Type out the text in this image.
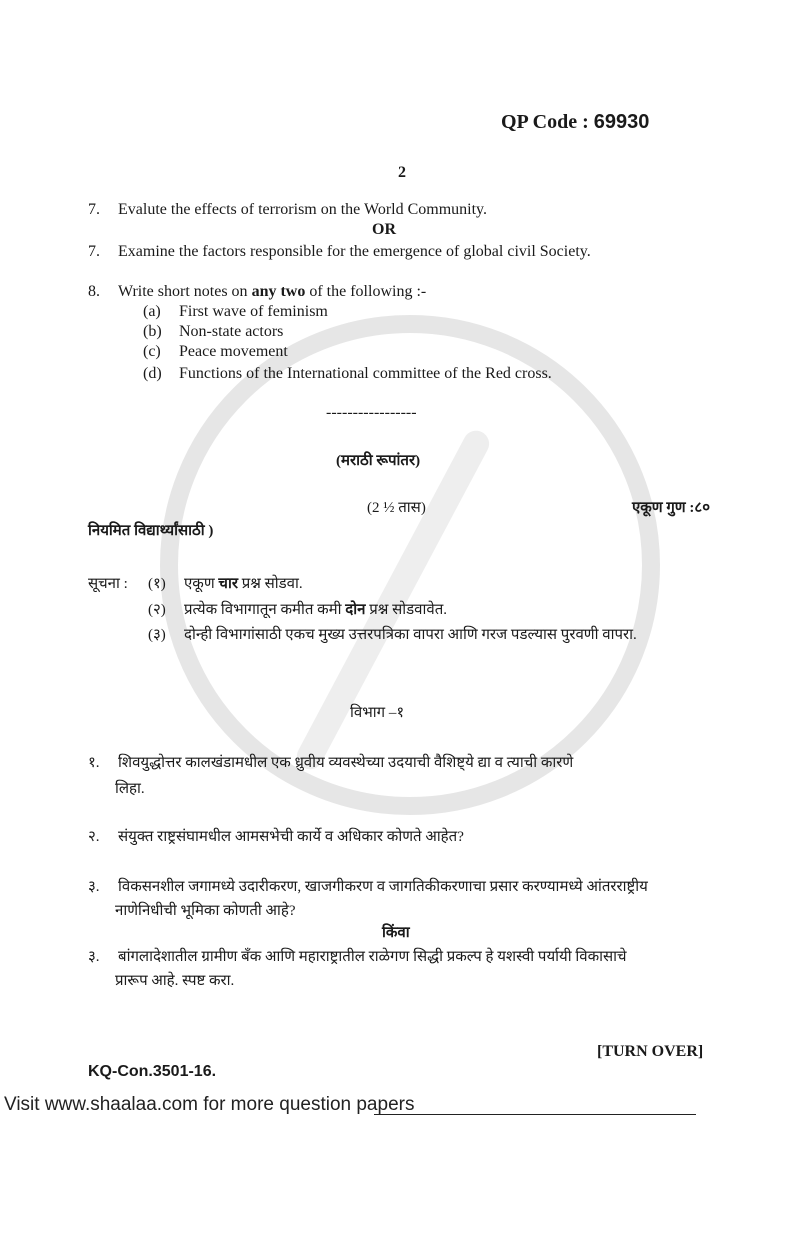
QP Code : 69930
2
7.	Evalute the effects of terrorism on the World Community.
OR
7.	Examine the factors responsible for the emergence of global civil Society.
8.	Write short notes on any two of the following :-
(a)	First wave of feminism
(b)	Non-state actors
(c)	Peace movement
(d)	Functions of the International committee of the Red cross.
-----------------
(मराठी रूपांतर)
(2 ½ तास)	एकूण गुण :८०
नियमित विद्यार्थ्यांसाठी )
सूचना :	(१)	एकूण चार प्रश्न सोडवा.
(२)	प्रत्येक विभागातून कमीत कमी दोन प्रश्न सोडवावेत.
(३)	दोन्ही विभागांसाठी एकच मुख्य उत्तरपत्रिका वापरा आणि गरज पडल्यास पुरवणी वापरा.
विभाग –१
१.	शिवयुद्धोत्तर कालखंडामधील एक ध्रुवीय व्यवस्थेच्या उदयाची वैशिष्ट्ये द्या व त्याची कारणे
लिहा.
२.	संयुक्त राष्ट्रसंघामधील आमसभेची कार्ये व अधिकार कोणते आहेत?
३.	विकसनशील जगामध्ये उदारीकरण, खाजगीकरण व जागतिकीकरणाचा प्रसार करण्यामध्ये आंतरराष्ट्रीय
नाणेनिधीची भूमिका कोणती आहे?
किंवा
३.	बांगलादेशातील ग्रामीण बँक आणि महाराष्ट्रातील राळेगण सिद्धी प्रकल्प हे यशस्वी पर्यायी विकासाचे
प्रारूप आहे. स्पष्ट करा.
[TURN OVER]
KQ-Con.3501-16.
Visit www.shaalaa.com for more question papers
